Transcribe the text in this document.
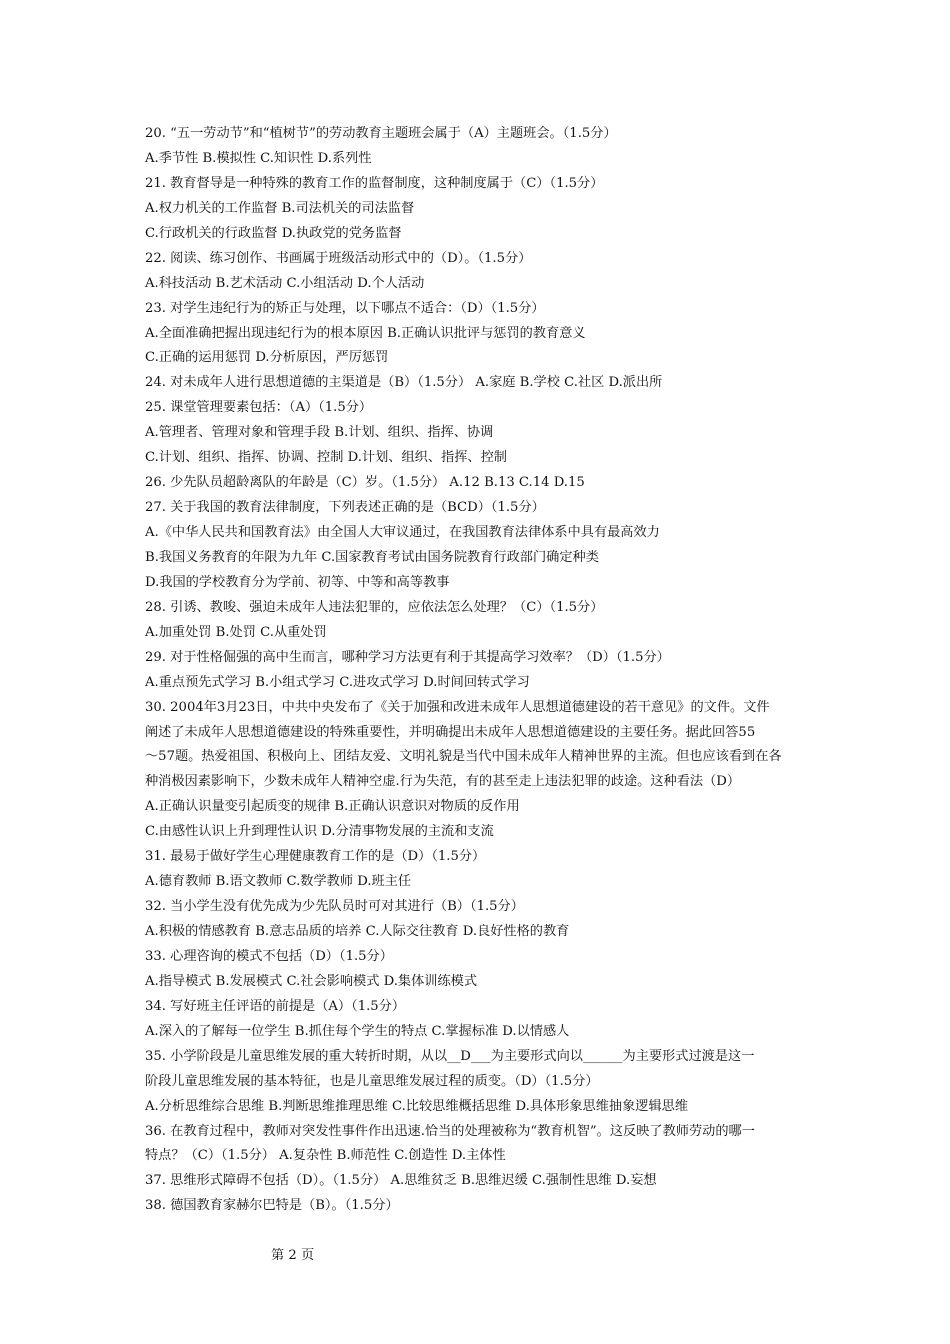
20. “五一劳动节”和“植树节”的劳动教育主题班会属于（A）主题班会。（1.5分）
A.季节性 B.模拟性 C.知识性 D.系列性
21. 教育督导是一种特殊的教育工作的监督制度，这种制度属于（C）（1.5分）
A.权力机关的工作监督 B.司法机关的司法监督
C.行政机关的行政监督 D.执政党的党务监督
22. 阅读、练习创作、书画属于班级活动形式中的（D）。（1.5分）
A.科技活动 B.艺术活动 C.小组活动 D.个人活动
23. 对学生违纪行为的矫正与处理，以下哪点不适合：（D）（1.5分）
A.全面准确把握出现违纪行为的根本原因 B.正确认识批评与惩罚的教育意义
C.正确的运用惩罚 D.分析原因，严厉惩罚
24. 对未成年人进行思想道德的主渠道是（B）（1.5分） A.家庭 B.学校 C.社区 D.派出所
25. 课堂管理要素包括：（A）（1.5分）
A.管理者、管理对象和管理手段 B.计划、组织、指挥、协调
C.计划、组织、指挥、协调、控制 D.计划、组织、指挥、控制
26. 少先队员超龄离队的年龄是（C）岁。（1.5分） A.12 B.13 C.14 D.15
27. 关于我国的教育法律制度，下列表述正确的是（BCD）（1.5分）
A.《中华人民共和国教育法》由全国人大审议通过，在我国教育法律体系中具有最高效力
B.我国义务教育的年限为九年 C.国家教育考试由国务院教育行政部门确定种类
D.我国的学校教育分为学前、初等、中等和高等教事
28. 引诱、教唆、强迫未成年人违法犯罪的，应依法怎么处理？（C）（1.5分）
A.加重处罚 B.处罚 C.从重处罚
29. 对于性格倔强的高中生而言，哪种学习方法更有利于其提高学习效率？（D）（1.5分）
A.重点预先式学习 B.小组式学习 C.进攻式学习 D.时间回转式学习
30. 2004年3月23日，中共中央发布了《关于加强和改进未成年人思想道德建设的若干意见》的文件。文件
阐述了未成年人思想道德建设的特殊重要性，并明确提出未成年人思想道德建设的主要任务。据此回答55
～57题。热爱祖国、积极向上、团结友爱、文明礼貌是当代中国未成年人精神世界的主流。但也应该看到在各
种消极因素影响下，少数未成年人精神空虚.行为失范，有的甚至走上违法犯罪的歧途。这种看法（D）
A.正确认识量变引起质变的规律 B.正确认识意识对物质的反作用
C.由感性认识上升到理性认识 D.分清事物发展的主流和支流
31. 最易于做好学生心理健康教育工作的是（D）（1.5分）
A.德育教师 B.语文教师 C.数学教师 D.班主任
32. 当小学生没有优先成为少先队员时可对其进行（B）（1.5分）
A.积极的情感教育 B.意志品质的培养 C.人际交往教育 D.良好性格的教育
33. 心理咨询的模式不包括（D）（1.5分）
A.指导模式 B.发展模式 C.社会影响模式 D.集体训练模式
34. 写好班主任评语的前提是（A）（1.5分）
A.深入的了解每一位学生 B.抓住每个学生的特点 C.掌握标准 D.以情感人
35. 小学阶段是儿童思维发展的重大转折时期，从以__D___为主要形式向以______为主要形式过渡是这一
阶段儿童思维发展的基本特征，也是儿童思维发展过程的质变。（D）（1.5分）
A.分析思维综合思维 B.判断思维推理思维 C.比较思维概括思维 D.具体形象思维抽象逻辑思维
36. 在教育过程中，教师对突发性事件作出迅速.恰当的处理被称为“教育机智”。这反映了教师劳动的哪一
特点？（C）（1.5分） A.复杂性 B.师范性 C.创造性 D.主体性
37. 思维形式障碍不包括（D）。（1.5分） A.思维贫乏 B.思维迟缓 C.强制性思维 D.妄想
38. 德国教育家赫尔巴特是（B）。（1.5分）
第 2 页
